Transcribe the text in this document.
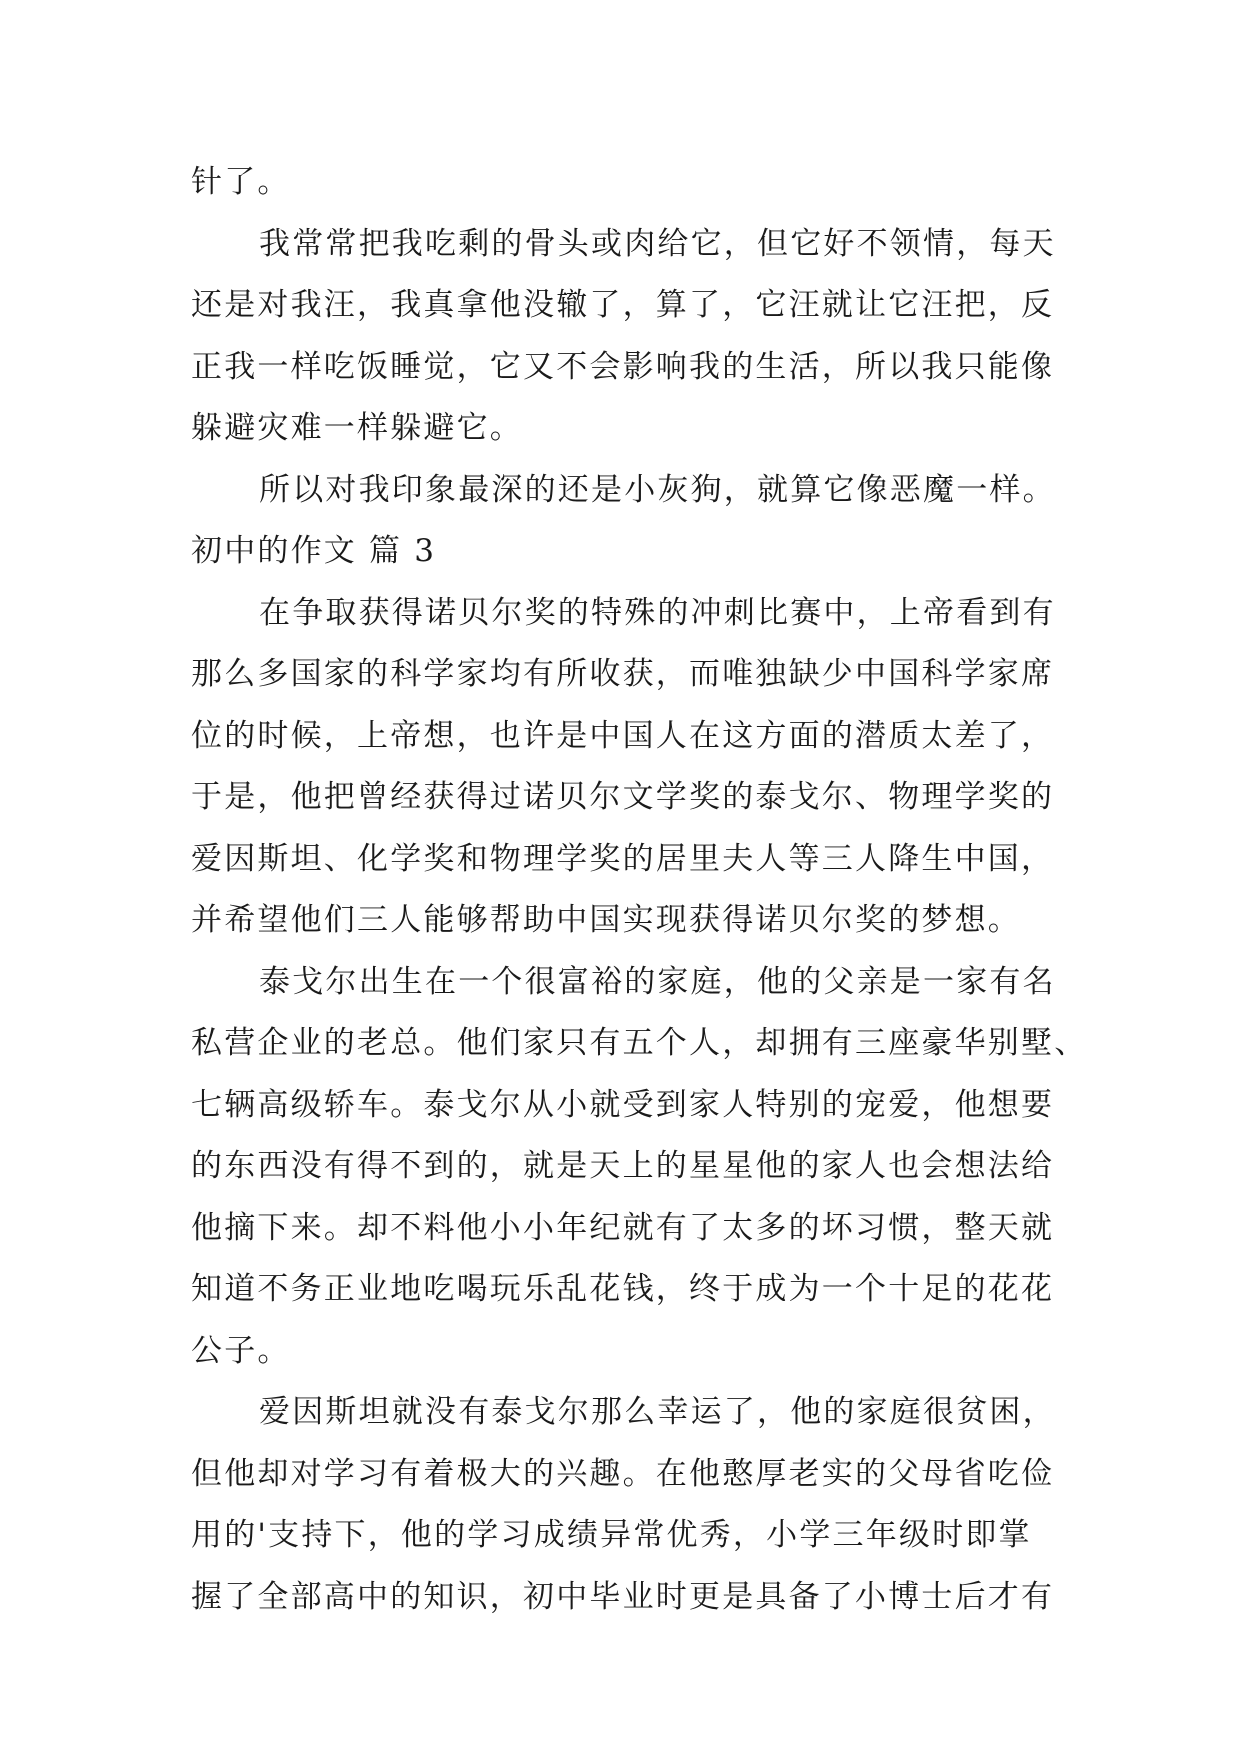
针了。
我常常把我吃剩的骨头或肉给它，但它好不领情，每天
还是对我汪，我真拿他没辙了，算了，它汪就让它汪把，反
正我一样吃饭睡觉，它又不会影响我的生活，所以我只能像
躲避灾难一样躲避它。
所以对我印象最深的还是小灰狗，就算它像恶魔一样。
初中的作文 篇 3
在争取获得诺贝尔奖的特殊的冲刺比赛中，上帝看到有
那么多国家的科学家均有所收获，而唯独缺少中国科学家席
位的时候，上帝想，也许是中国人在这方面的潜质太差了，
于是，他把曾经获得过诺贝尔文学奖的泰戈尔、物理学奖的
爱因斯坦、化学奖和物理学奖的居里夫人等三人降生中国，
并希望他们三人能够帮助中国实现获得诺贝尔奖的梦想。
泰戈尔出生在一个很富裕的家庭，他的父亲是一家有名
私营企业的老总。他们家只有五个人，却拥有三座豪华别墅、
七辆高级轿车。泰戈尔从小就受到家人特别的宠爱，他想要
的东西没有得不到的，就是天上的星星他的家人也会想法给
他摘下来。却不料他小小年纪就有了太多的坏习惯，整天就
知道不务正业地吃喝玩乐乱花钱，终于成为一个十足的花花
公子。
爱因斯坦就没有泰戈尔那么幸运了，他的家庭很贫困，
但他却对学习有着极大的兴趣。在他憨厚老实的父母省吃俭
用的'支持下，他的学习成绩异常优秀，小学三年级时即掌
握了全部高中的知识，初中毕业时更是具备了小博士后才有
